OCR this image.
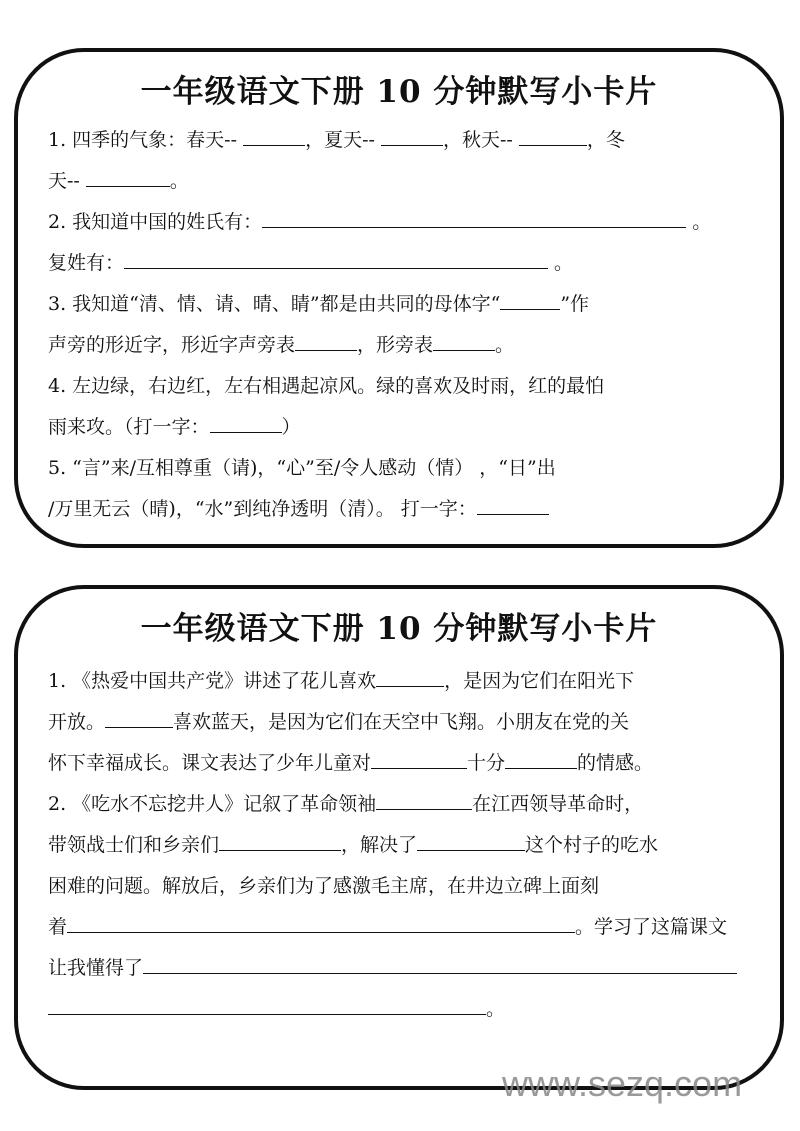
一年级语文下册 10 分钟默写小卡片
1. 四季的气象：春天--	，夏天--	，秋天--	，冬
天--	。
2. 我知道中国的姓氏有：	。
复姓有：	。
3. 我知道“清、情、请、晴、睛”都是由共同的母体字“	”作
声旁的形近字，形近字声旁表	，形旁表	。
4. 左边绿，右边红，左右相遇起凉风。绿的喜欢及时雨，红的最怕
雨来攻。（打一字：	）
5. “言”来/互相尊重（请)，“心”至/令人感动（情） ，“日”出
/万里无云（晴)，“水”到纯净透明（清）。 打一字：
一年级语文下册 10 分钟默写小卡片
1. 《热爱中国共产党》讲述了花儿喜欢	，是因为它们在阳光下
开放。	喜欢蓝天，是因为它们在天空中飞翔。小朋友在党的关
怀下幸福成长。课文表达了少年儿童对	十分	的情感。
2. 《吃水不忘挖井人》记叙了革命领袖	在江西领导革命时，
带领战士们和乡亲们	，解决了	这个村子的吃水
困难的问题。解放后，乡亲们为了感激毛主席，在井边立碑上面刻
着	。学习了这篇课文
让我懂得了
。
www.sezq.com
